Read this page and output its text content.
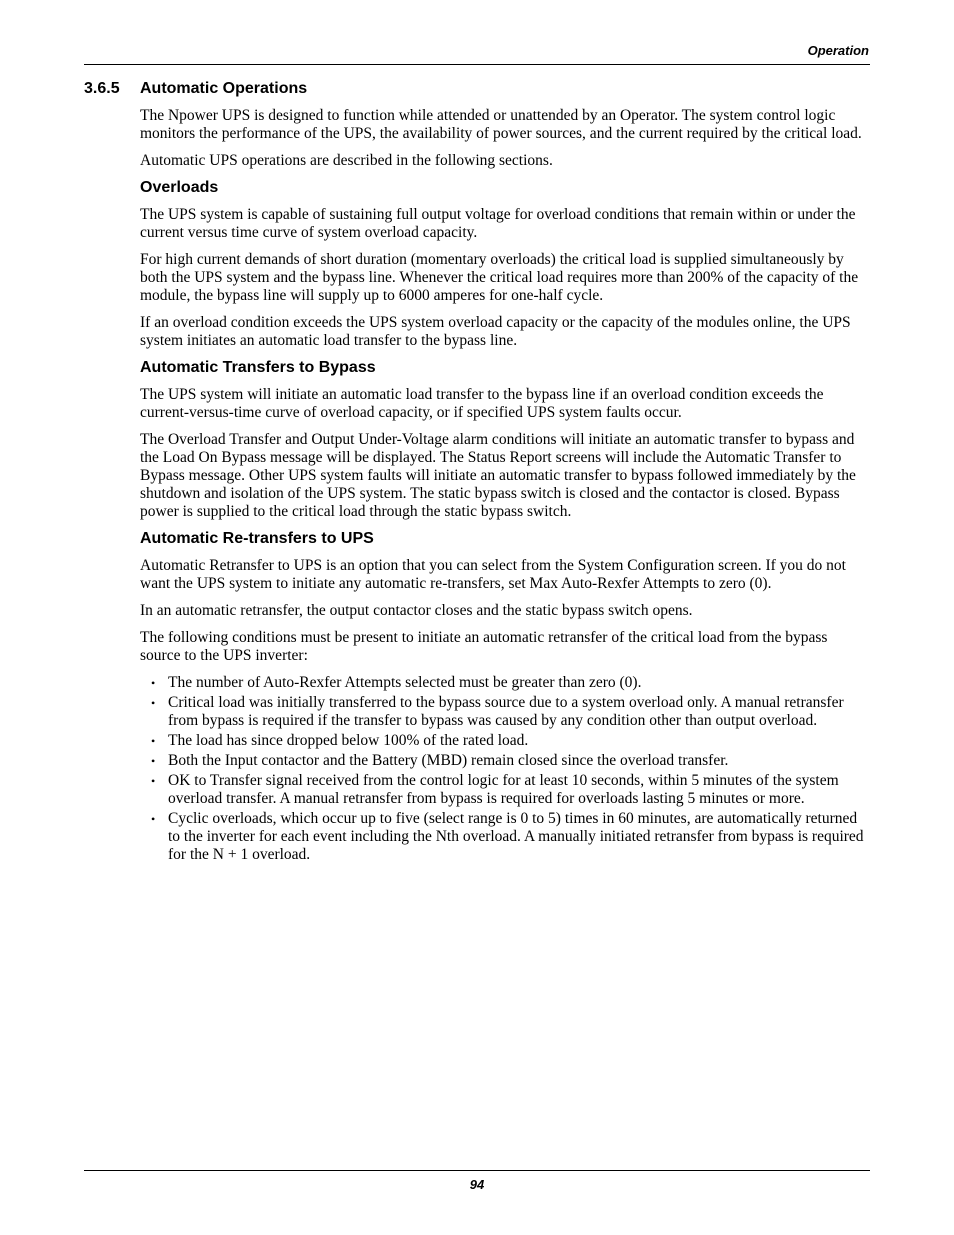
Operation
3.6.5	Automatic Operations

The Npower UPS is designed to function while attended or unattended by an Operator. The system control logic monitors the performance of the UPS, the availability of power sources, and the current required by the critical load.

Automatic UPS operations are described in the following sections.

Overloads

The UPS system is capable of sustaining full output voltage for overload conditions that remain within or under the current versus time curve of system overload capacity.

For high current demands of short duration (momentary overloads) the critical load is supplied simultaneously by both the UPS system and the bypass line. Whenever the critical load requires more than 200% of the capacity of the module, the bypass line will supply up to 6000 amperes for one-half cycle.

If an overload condition exceeds the UPS system overload capacity or the capacity of the modules online, the UPS system initiates an automatic load transfer to the bypass line.

Automatic Transfers to Bypass

The UPS system will initiate an automatic load transfer to the bypass line if an overload condition exceeds the current-versus-time curve of overload capacity, or if specified UPS system faults occur.

The Overload Transfer and Output Under-Voltage alarm conditions will initiate an automatic transfer to bypass and the Load On Bypass message will be displayed. The Status Report screens will include the Automatic Transfer to Bypass message. Other UPS system faults will initiate an automatic transfer to bypass followed immediately by the shutdown and isolation of the UPS system. The static bypass switch is closed and the contactor is closed. Bypass power is supplied to the critical load through the static bypass switch.

Automatic Re-transfers to UPS

Automatic Retransfer to UPS is an option that you can select from the System Configuration screen. If you do not want the UPS system to initiate any automatic re-transfers, set Max Auto-Rexfer Attempts to zero (0).

In an automatic retransfer, the output contactor closes and the static bypass switch opens.

The following conditions must be present to initiate an automatic retransfer of the critical load from the bypass source to the UPS inverter:

• The number of Auto-Rexfer Attempts selected must be greater than zero (0).
• Critical load was initially transferred to the bypass source due to a system overload only. A manual retransfer from bypass is required if the transfer to bypass was caused by any condition other than output overload.
• The load has since dropped below 100% of the rated load.
• Both the Input contactor and the Battery (MBD) remain closed since the overload transfer.
• OK to Transfer signal received from the control logic for at least 10 seconds, within 5 minutes of the system overload transfer. A manual retransfer from bypass is required for overloads lasting 5 minutes or more.
• Cyclic overloads, which occur up to five (select range is 0 to 5) times in 60 minutes, are automatically returned to the inverter for each event including the Nth overload. A manually initiated retransfer from bypass is required for the N + 1 overload.
94
